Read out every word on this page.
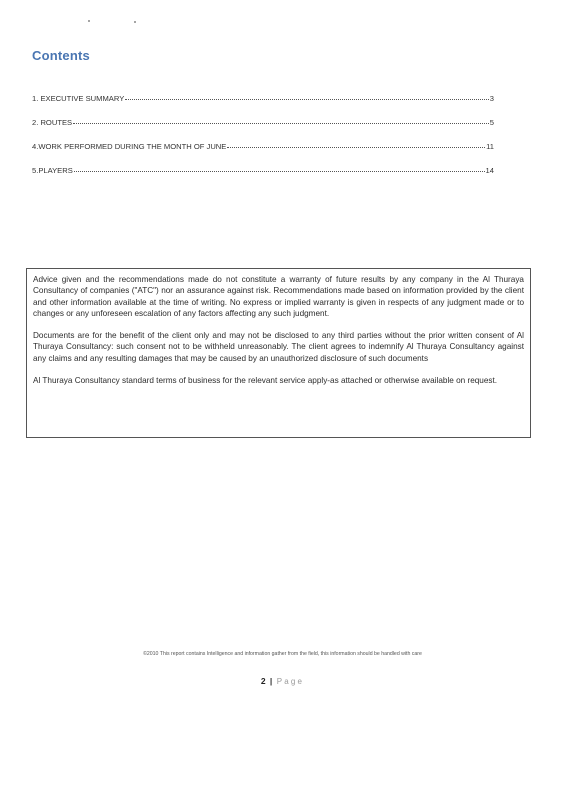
Contents
1. EXECUTIVE SUMMARY	3
2. ROUTES	5
4.WORK PERFORMED DURING THE MONTH OF JUNE	11
5.PLAYERS	14

Advice given and the recommendations made do not constitute a warranty of future results by any company in the Al Thuraya Consultancy of companies ("ATC") nor an assurance against risk. Recommendations made based on information provided by the client and other information available at the time of writing. No express or implied warranty is given in respects of any judgment made or to changes or any unforeseen escalation of any factors affecting any such judgment.

Documents are for the benefit of the client only and may not be disclosed to any third parties without the prior written consent of Al Thuraya Consultancy: such consent not to be withheld unreasonably. The client agrees to indemnify Al Thuraya Consultancy against any claims and any resulting damages that may be caused by an unauthorized disclosure of such documents

Al Thuraya Consultancy standard terms of business for the relevant service apply-as attached or otherwise available on request.

©2010 This report contains Intelligence and information gather from the field, this information should be handled with care
2 | Page
